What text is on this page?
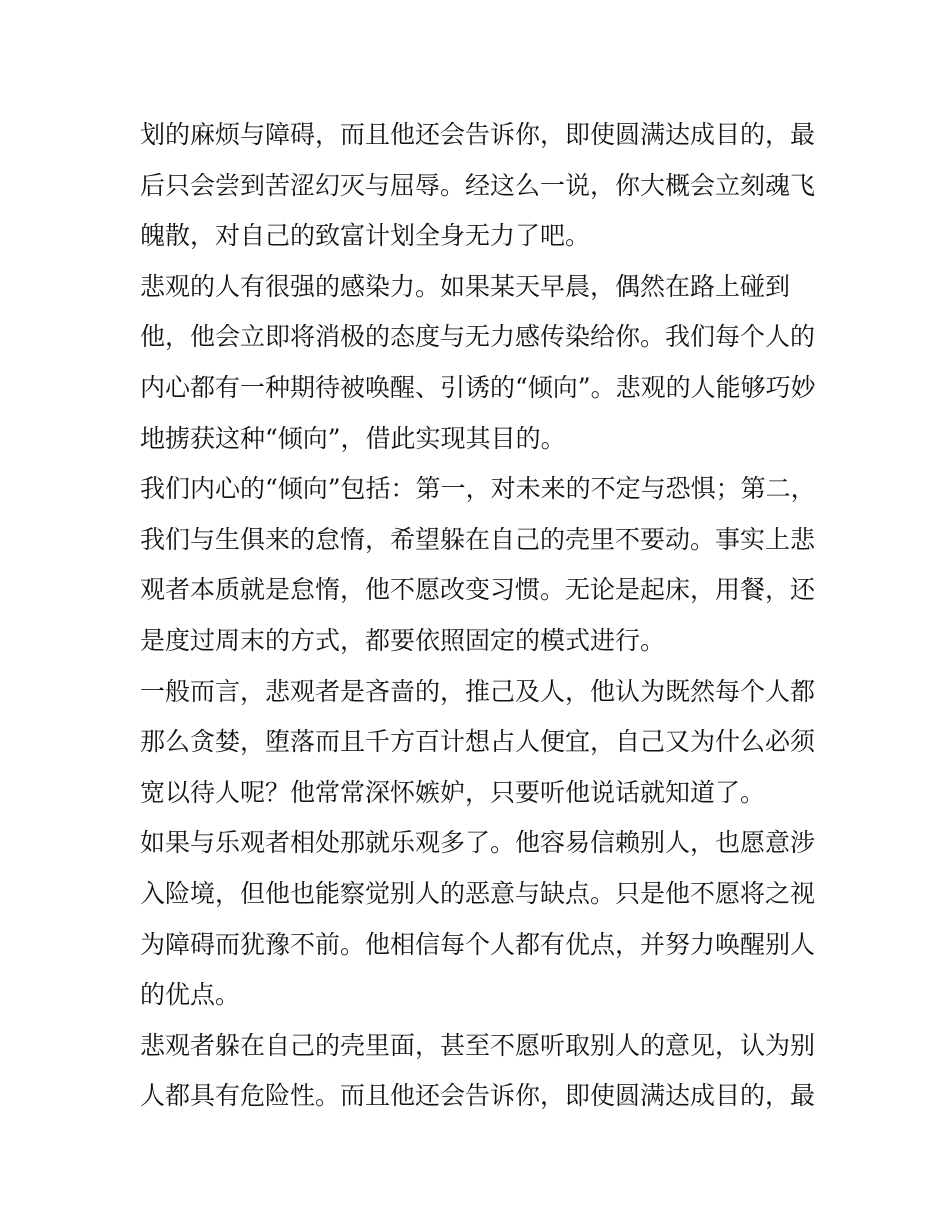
划的麻烦与障碍，而且他还会告诉你，即使圆满达成目的，最
后只会尝到苦涩幻灭与屈辱。经这么一说，你大概会立刻魂飞
魄散，对自己的致富计划全身无力了吧。
悲观的人有很强的感染力。如果某天早晨，偶然在路上碰到
他，他会立即将消极的态度与无力感传染给你。我们每个人的
内心都有一种期待被唤醒、引诱的“倾向”。悲观的人能够巧妙
地掳获这种“倾向”，借此实现其目的。
我们内心的“倾向”包括：第一，对未来的不定与恐惧；第二，
我们与生俱来的怠惰，希望躲在自己的壳里不要动。事实上悲
观者本质就是怠惰，他不愿改变习惯。无论是起床，用餐，还
是度过周末的方式，都要依照固定的模式进行。
一般而言，悲观者是吝啬的，推己及人，他认为既然每个人都
那么贪婪，堕落而且千方百计想占人便宜，自己又为什么必须
宽以待人呢？他常常深怀嫉妒，只要听他说话就知道了。
如果与乐观者相处那就乐观多了。他容易信赖别人，也愿意涉
入险境，但他也能察觉别人的恶意与缺点。只是他不愿将之视
为障碍而犹豫不前。他相信每个人都有优点，并努力唤醒别人
的优点。
悲观者躲在自己的壳里面，甚至不愿听取别人的意见，认为别
人都具有危险性。而且他还会告诉你，即使圆满达成目的，最
